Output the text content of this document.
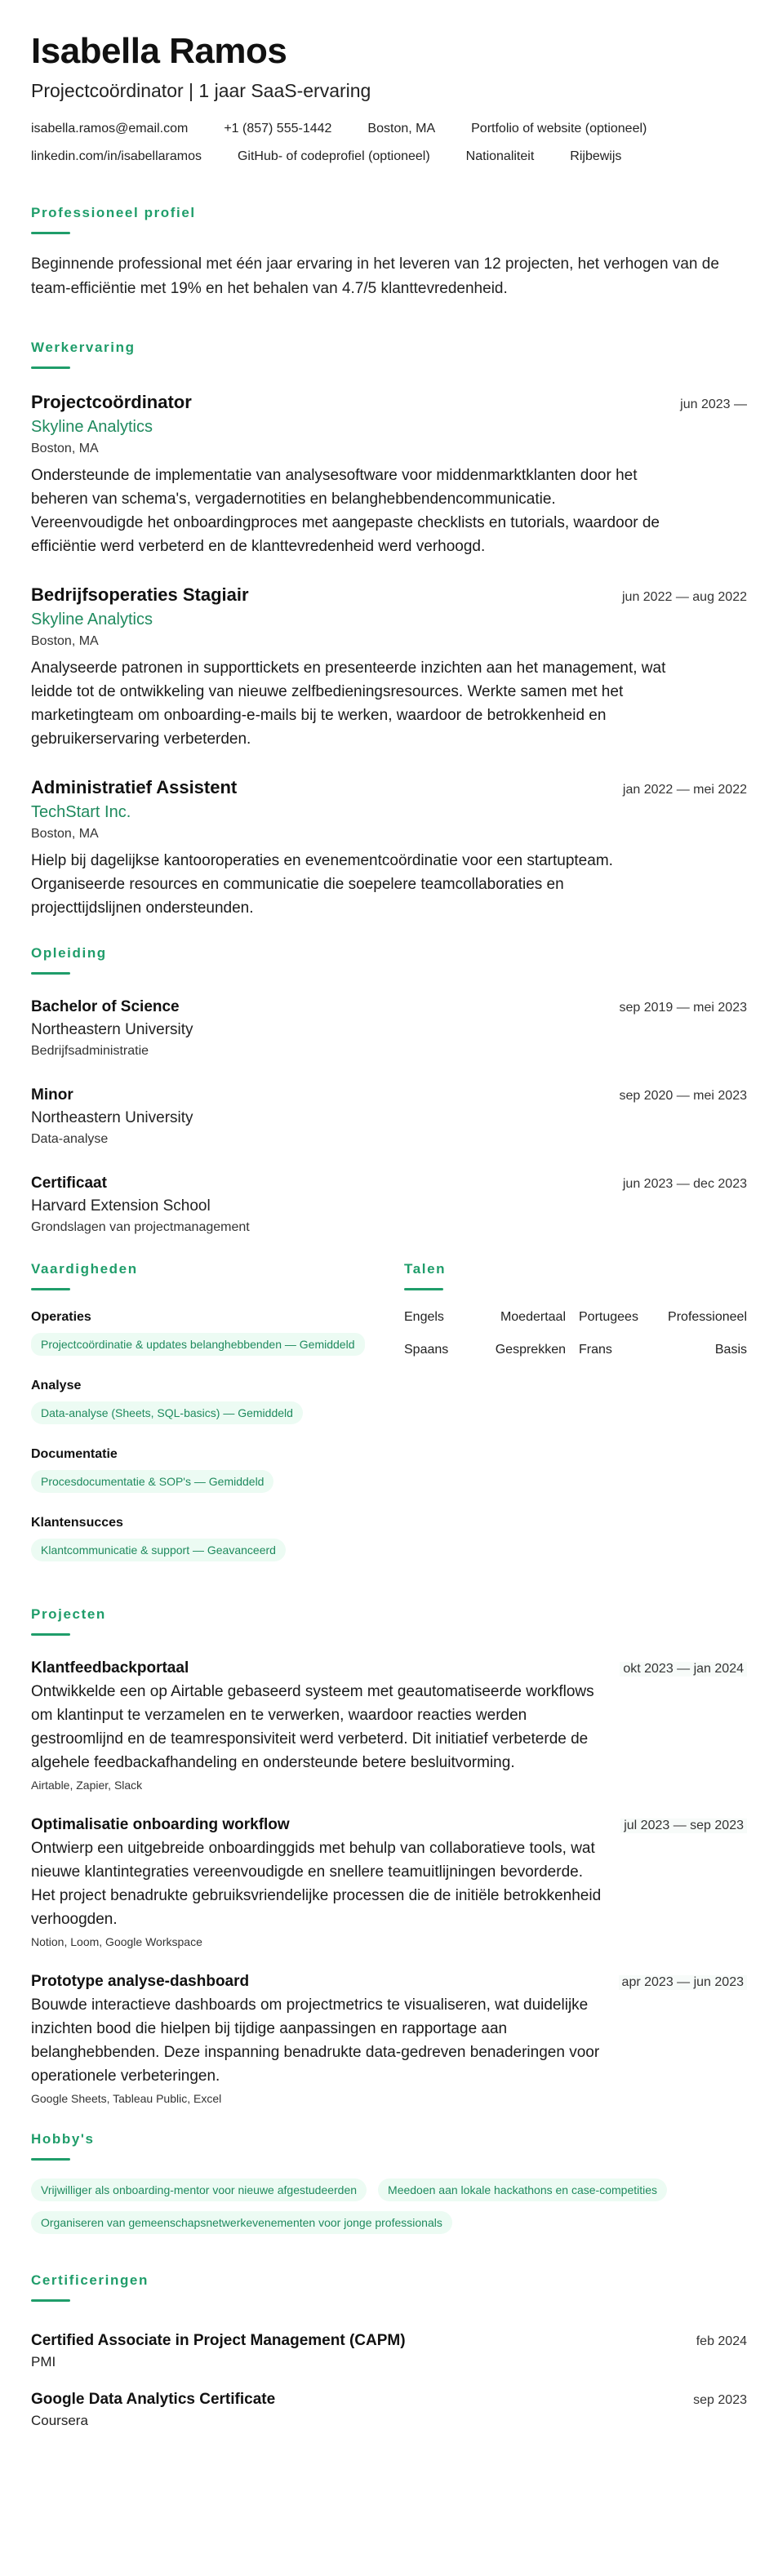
Isabella Ramos
Projectcoördinator | 1 jaar SaaS-ervaring
isabella.ramos@email.com	+1 (857) 555-1442	Boston, MA	Portfolio of website (optioneel)
linkedin.com/in/isabellaramos	GitHub- of codeprofiel (optioneel)	Nationaliteit	Rijbewijs
Professioneel profiel

Beginnende professional met één jaar ervaring in het leveren van 12 projecten, het verhogen van de team-efficiëntie met 19% en het behalen van 4.7/5 klanttevredenheid.

Werkervaring
Projectcoördinator	jun 2023 —
Skyline Analytics
Boston, MA

Ondersteunde de implementatie van analysesoftware voor middenmarktklanten door het beheren van schema's, vergadernotities en belanghebbendencommunicatie. Vereenvoudigde het onboardingproces met aangepaste checklists en tutorials, waardoor de efficiëntie werd verbeterd en de klanttevredenheid werd verhoogd.

Bedrijfsoperaties Stagiair	jun 2022 — aug 2022
Skyline Analytics
Boston, MA

Analyseerde patronen in supporttickets en presenteerde inzichten aan het management, wat leidde tot de ontwikkeling van nieuwe zelfbedieningsresources. Werkte samen met het marketingteam om onboarding-e-mails bij te werken, waardoor de betrokkenheid en gebruikerservaring verbeterden.

Administratief Assistent	jan 2022 — mei 2022
TechStart Inc.
Boston, MA

Hielp bij dagelijkse kantooroperaties en evenementcoördinatie voor een startupteam. Organiseerde resources en communicatie die soepelere teamcollaboraties en projecttijdslijnen ondersteunden.

Opleiding
Bachelor of Science	sep 2019 — mei 2023
Northeastern University
Bedrijfsadministratie
Minor	sep 2020 — mei 2023
Northeastern University
Data-analyse
Certificaat	jun 2023 — dec 2023
Harvard Extension School
Grondslagen van projectmanagement
Vaardigheden
Operaties
Projectcoördinatie & updates belanghebbenden — Gemiddeld
Analyse
Data-analyse (Sheets, SQL-basics) — Gemiddeld
Documentatie
Procesdocumentatie & SOP's — Gemiddeld
Klantensucces
Klantcommunicatie & support — Geavanceerd
Talen
Engels	Moedertaal	Portugees	Professioneel
Spaans	Gesprekken	Frans	Basis
Projecten
Klantfeedbackportaal	okt 2023 — jan 2024

Ontwikkelde een op Airtable gebaseerd systeem met geautomatiseerde workflows om klantinput te verzamelen en te verwerken, waardoor reacties werden gestroomlijnd en de teamresponsiviteit werd verbeterd. Dit initiatief verbeterde de algehele feedbackafhandeling en ondersteunde betere besluitvorming.

Airtable, Zapier, Slack
Optimalisatie onboarding workflow	jul 2023 — sep 2023

Ontwierp een uitgebreide onboardinggids met behulp van collaboratieve tools, wat nieuwe klantintegraties vereenvoudigde en snellere teamuitlijningen bevorderde. Het project benadrukte gebruiksvriendelijke processen die de initiële betrokkenheid verhoogden.

Notion, Loom, Google Workspace
Prototype analyse-dashboard	apr 2023 — jun 2023

Bouwde interactieve dashboards om projectmetrics te visualiseren, wat duidelijke inzichten bood die hielpen bij tijdige aanpassingen en rapportage aan belanghebbenden. Deze inspanning benadrukte data-gedreven benaderingen voor operationele verbeteringen.

Google Sheets, Tableau Public, Excel
Hobby's
Vrijwilliger als onboarding-mentor voor nieuwe afgestudeerden	Meedoen aan lokale hackathons en case-competities
Organiseren van gemeenschapsnetwerkevenementen voor jonge professionals
Certificeringen
Certified Associate in Project Management (CAPM)	feb 2024
PMI
Google Data Analytics Certificate	sep 2023
Coursera
